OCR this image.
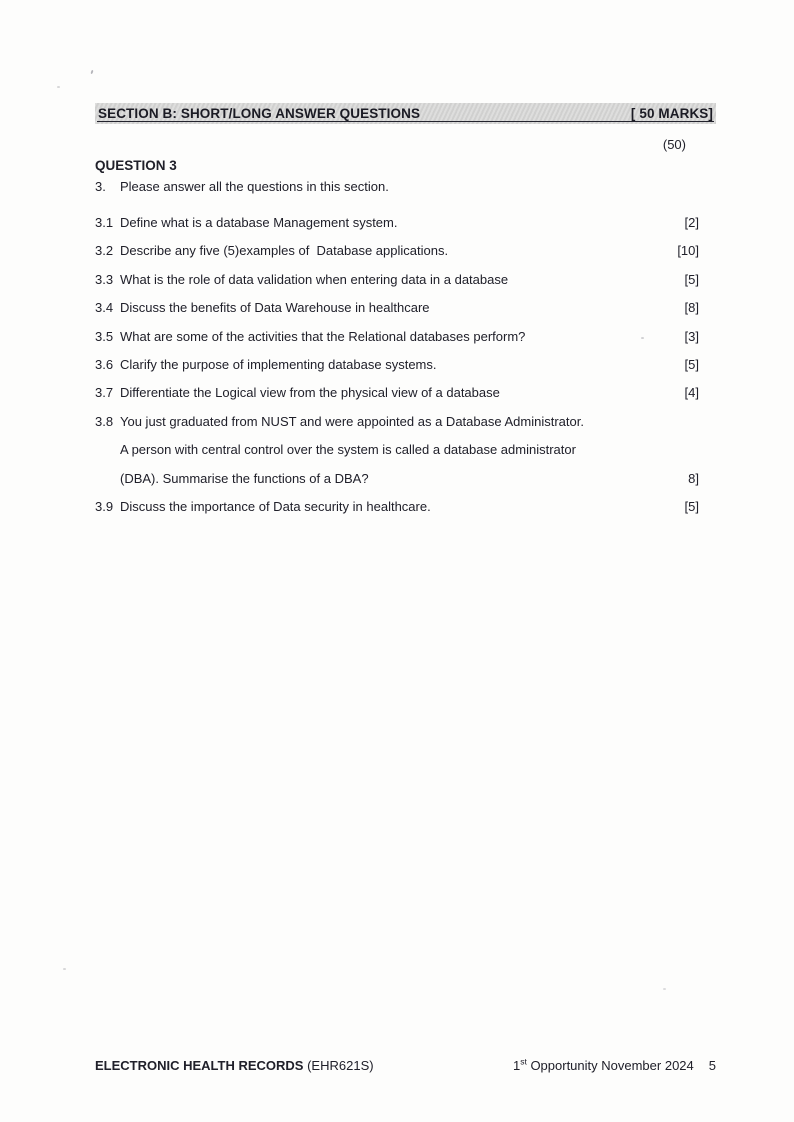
SECTION B: SHORT/LONG ANSWER QUESTIONS	[ 50 MARKS]
(50)
QUESTION 3
3.	Please answer all the questions in this section.
3.1 Define what is a database Management system.	[2]
3.2 Describe any five (5)examples of  Database applications.	[10]
3.3 What is the role of data validation when entering data in a database	[5]
3.4 Discuss the benefits of Data Warehouse in healthcare	[8]
3.5 What are some of the activities that the Relational databases perform?	[3]
3.6 Clarify the purpose of implementing database systems.	[5]
3.7 Differentiate the Logical view from the physical view of a database	[4]
3.8 You just graduated from NUST and were appointed as a Database Administrator.
A person with central control over the system is called a database administrator
(DBA). Summarise the functions of a DBA?	8]
3.9 Discuss the importance of Data security in healthcare.	[5]
ELECTRONIC HEALTH RECORDS (EHR621S)	1st Opportunity November 2024 5
